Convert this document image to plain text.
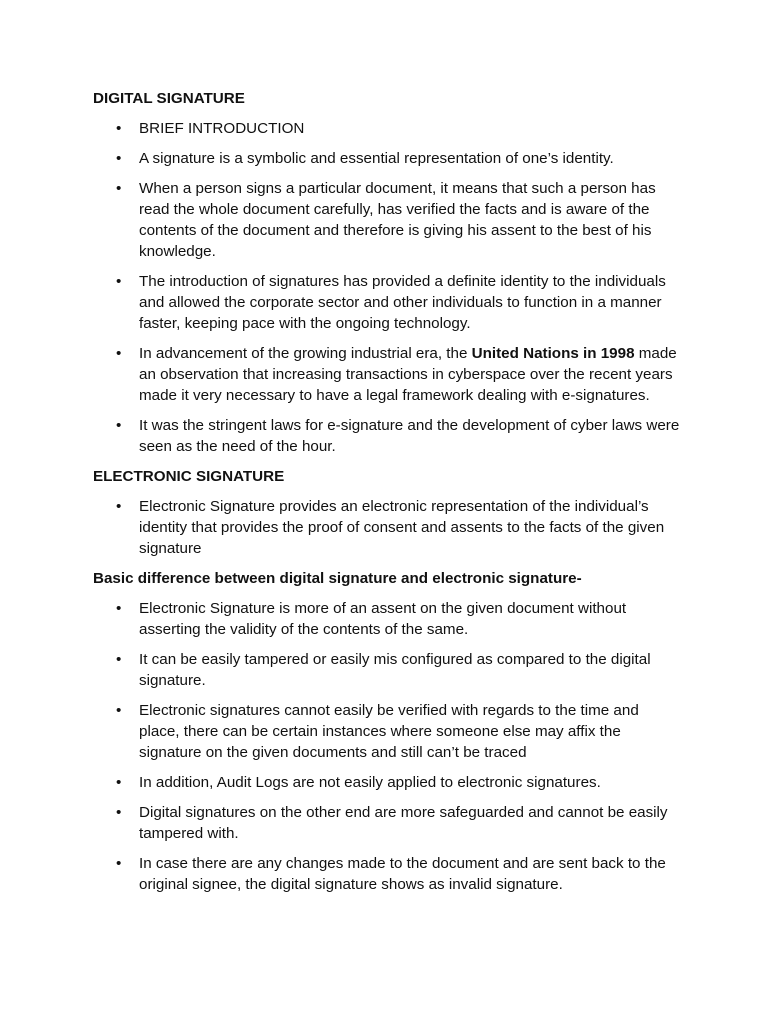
DIGITAL SIGNATURE
• BRIEF INTRODUCTION
• A signature is a symbolic and essential representation of one’s identity.
• When a person signs a particular document, it means that such a person has read the whole document carefully, has verified the facts and is aware of the contents of the document and therefore is giving his assent to the best of his knowledge.
• The introduction of signatures has provided a definite identity to the individuals and allowed the corporate sector and other individuals to function in a manner faster, keeping pace with the ongoing technology.
• In advancement of the growing industrial era, the United Nations in 1998 made an observation that increasing transactions in cyberspace over the recent years made it very necessary to have a legal framework dealing with e-signatures.
• It was the stringent laws for e-signature and the development of cyber laws were seen as the need of the hour.
ELECTRONIC SIGNATURE
• Electronic Signature provides an electronic representation of the individual’s identity that provides the proof of consent and assents to the facts of the given signature
Basic difference between digital signature and electronic signature-
• Electronic Signature is more of an assent on the given document without asserting the validity of the contents of the same.
• It can be easily tampered or easily mis configured as compared to the digital signature.
• Electronic signatures cannot easily be verified with regards to the time and place, there can be certain instances where someone else may affix the signature on the given documents and still can’t be traced
• In addition, Audit Logs are not easily applied to electronic signatures.
• Digital signatures on the other end are more safeguarded and cannot be easily tampered with.
• In case there are any changes made to the document and are sent back to the original signee, the digital signature shows as invalid signature.
